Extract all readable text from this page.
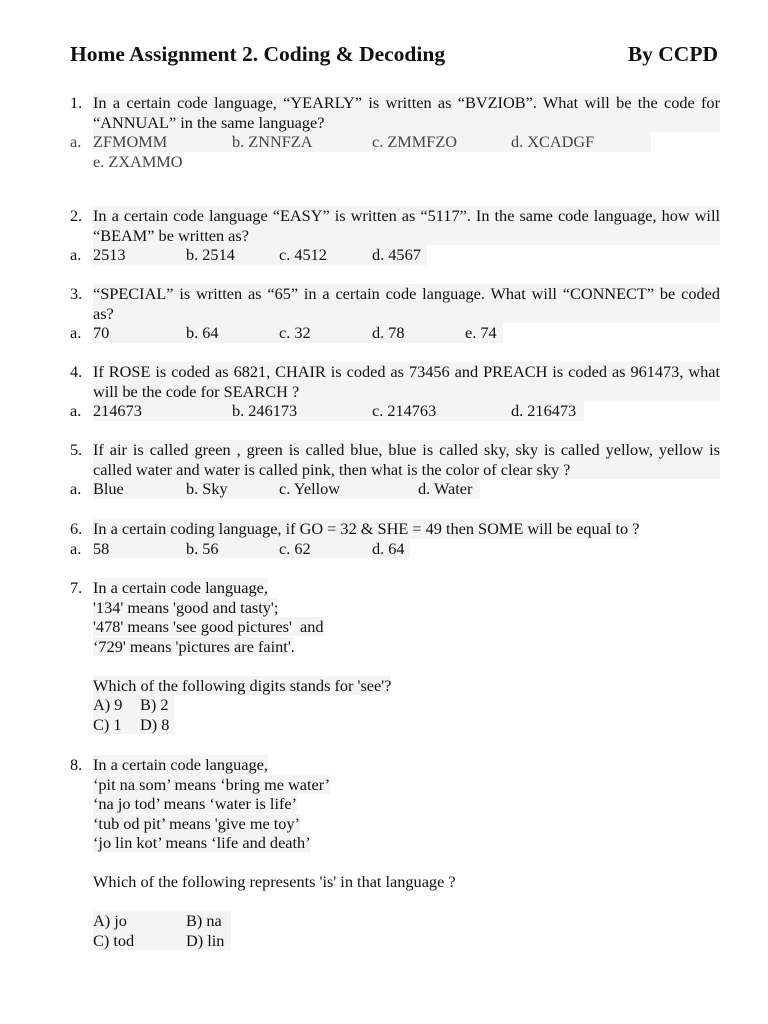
Home Assignment 2. Coding & Decoding	By CCPD
1. In a certain code language, “YEARLY” is written as “BVZIOB”. What will be the code for “ANNUAL” in the same language?
a. ZFMOMM	b. ZNNFZA	c. ZMMFZO	d. XCADGF
e. ZXAMMO
2. In a certain code language “EASY” is written as “5117”. In the same code language, how will “BEAM” be written as?
a. 2513	b. 2514	c. 4512	d. 4567
3. “SPECIAL” is written as “65” in a certain code language. What will “CONNECT” be coded as?
a. 70	b. 64	c. 32	d. 78	e. 74
4. If ROSE is coded as 6821, CHAIR is coded as 73456 and PREACH is coded as 961473, what will be the code for SEARCH ?
a. 214673	b. 246173	c. 214763	d. 216473
5. If air is called green , green is called blue, blue is called sky, sky is called yellow, yellow is called water and water is called pink, then what is the color of clear sky ?
a. Blue	b. Sky	c. Yellow	d. Water
6. In a certain coding language, if GO = 32 & SHE = 49 then SOME will be equal to ?
a. 58	b. 56	c. 62	d. 64
7. In a certain code language,
'134' means 'good and tasty';
'478' means 'see good pictures'  and
‘729' means 'pictures are faint'.
Which of the following digits stands for 'see'?
A) 9	B) 2
C) 1	D) 8
8. In a certain code language,
‘pit na som’ means ‘bring me water’
‘na jo tod’ means ‘water is life’
‘tub od pit’ means 'give me toy’
‘jo lin kot’ means ‘life and death’
Which of the following represents 'is' in that language ?
A) jo	B) na
C) tod	D) lin
